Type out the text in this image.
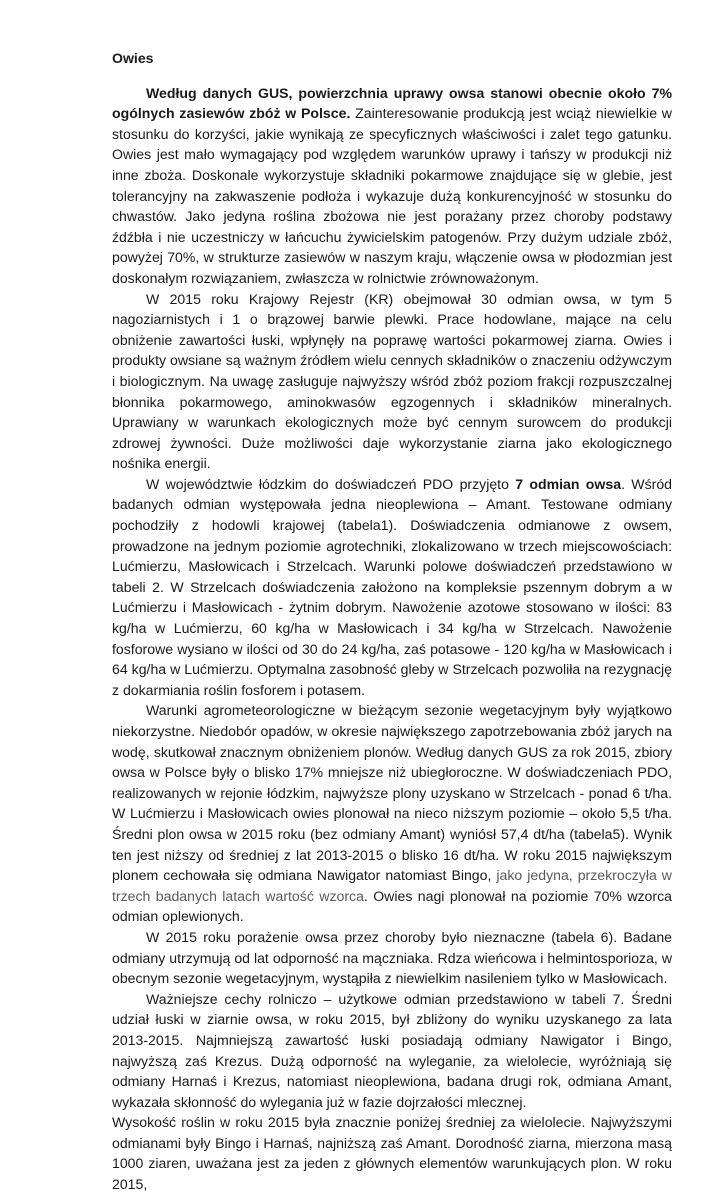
Owies

Według danych GUS, powierzchnia uprawy owsa stanowi obecnie około 7% ogólnych zasiewów zbóż w Polsce. Zainteresowanie produkcją jest wciąż niewielkie w stosunku do korzyści, jakie wynikają ze specyficznych właściwości i zalet tego gatunku. Owies jest mało wymagający pod względem warunków uprawy i tańszy w produkcji niż inne zboża. Doskonale wykorzystuje składniki pokarmowe znajdujące się w glebie, jest tolerancyjny na zakwaszenie podłoża i wykazuje dużą konkurencyjność w stosunku do chwastów. Jako jedyna roślina zbożowa nie jest porażany przez choroby podstawy źdźbła i nie uczestniczy w łańcuchu żywicielskim patogenów. Przy dużym udziale zbóż, powyżej 70%, w strukturze zasiewów w naszym kraju, włączenie owsa w płodozmian jest doskonałym rozwiązaniem, zwłaszcza w rolnictwie zrównoważonym.

W 2015 roku Krajowy Rejestr (KR) obejmował 30 odmian owsa, w tym 5 nagoziarnistych i 1 o brązowej barwie plewki. Prace hodowlane, mające na celu obniżenie zawartości łuski, wpłynęły na poprawę wartości pokarmowej ziarna. Owies i produkty owsiane są ważnym źródłem wielu cennych składników o znaczeniu odżywczym i biologicznym. Na uwagę zasługuje najwyższy wśród zbóż poziom frakcji rozpuszczalnej błonnika pokarmowego, aminokwasów egzogennych i składników mineralnych. Uprawiany w warunkach ekologicznych może być cennym surowcem do produkcji zdrowej żywności. Duże możliwości daje wykorzystanie ziarna jako ekologicznego nośnika energii.

W województwie łódzkim do doświadczeń PDO przyjęto 7 odmian owsa. Wśród badanych odmian występowała jedna nieoplewiona – Amant. Testowane odmiany pochodziły z hodowli krajowej (tabela1). Doświadczenia odmianowe z owsem, prowadzone na jednym poziomie agrotechniki, zlokalizowano w trzech miejscowościach: Lućmierzu, Masłowicach i Strzelcach. Warunki polowe doświadczeń przedstawiono w tabeli 2. W Strzelcach doświadczenia założono na kompleksie pszennym dobrym a w Lućmierzu i Masłowicach - żytnim dobrym. Nawożenie azotowe stosowano w ilości: 83 kg/ha w Lućmierzu, 60 kg/ha w Masłowicach i 34 kg/ha w Strzelcach. Nawożenie fosforowe wysiano w ilości od 30 do 24 kg/ha, zaś potasowe - 120 kg/ha w Masłowicach i 64 kg/ha w Lućmierzu. Optymalna zasobność gleby w Strzelcach pozwoliła na rezygnację z dokarmiania roślin fosforem i potasem.

Warunki agrometeorologiczne w bieżącym sezonie wegetacyjnym były wyjątkowo niekorzystne. Niedobór opadów, w okresie największego zapotrzebowania zbóż jarych na wodę, skutkował znacznym obniżeniem plonów. Według danych GUS za rok 2015, zbiory owsa w Polsce były o blisko 17% mniejsze niż ubiegłoroczne. W doświadczeniach PDO, realizowanych w rejonie łódzkim, najwyższe plony uzyskano w Strzelcach - ponad 6 t/ha. W Lućmierzu i Masłowicach owies plonował na nieco niższym poziomie – około 5,5 t/ha. Średni plon owsa w 2015 roku (bez odmiany Amant) wyniósł 57,4 dt/ha (tabela5). Wynik ten jest niższy od średniej z lat 2013-2015 o blisko 16 dt/ha. W roku 2015 największym plonem cechowała się odmiana Nawigator natomiast Bingo, jako jedyna, przekroczyła w trzech badanych latach wartość wzorca. Owies nagi plonował na poziomie 70% wzorca odmian oplewionych.

W 2015 roku porażenie owsa przez choroby było nieznaczne (tabela 6). Badane odmiany utrzymują od lat odporność na mączniaka. Rdza wieńcowa i helmintosporioza, w obecnym sezonie wegetacyjnym, wystąpiła z niewielkim nasileniem tylko w Masłowicach.

Ważniejsze cechy rolniczo – użytkowe odmian przedstawiono w tabeli 7. Średni udział łuski w ziarnie owsa, w roku 2015, był zbliżony do wyniku uzyskanego za lata 2013-2015. Najmniejszą zawartość łuski posiadają odmiany Nawigator i Bingo, najwyższą zaś Krezus. Dużą odporność na wyleganie, za wielolecie, wyróżniają się odmiany Harnaś i Krezus, natomiast nieoplewiona, badana drugi rok, odmiana Amant, wykazała skłonność do wylegania już w fazie dojrzałości mlecznej.

Wysokość roślin w roku 2015 była znacznie poniżej średniej za wielolecie. Najwyższymi odmianami były Bingo i Harnaś, najniższą zaś Amant. Dorodność ziarna, mierzona masą 1000 ziaren, uważana jest za jeden z głównych elementów warunkujących plon. W roku 2015,
